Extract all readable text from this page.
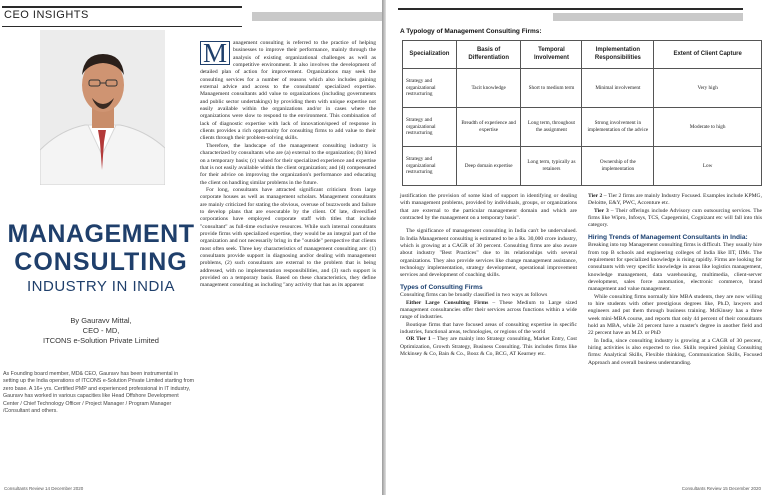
CEO INSIGHTS
MANAGEMENT
CONSULTING
INDUSTRY IN INDIA
By Gauravv Mittal,
CEO - MD,
ITCONS e-Solution Private Limited
As Founding board member, MD& CEO, Gauravv has been instrumental in setting up the India operations of ITCONS e-Solution Private Limited starting from zero base. A 16+ yrs. Certified PMP and experienced professional in IT industry, Gauravv has worked in various capacities like Head Offshore Development Center / Chief Technology Officer / Project Manager / Program Manager /Consultant and others.

M	anagement consulting is referred to the practice of helping businesses to improve their performance, mainly through the analysis of existing organizational challenges as well as competitive environment. It also involves the development of detailed plan of action for improvement. Organizations may seek the consulting services for a number of reasons which also includes gaining external advice and access to the consultants' specialized expertise. Management consultants add value to organizations (including governments and public sector undertakings) by providing them with unique expertise not easily available within the organizations and/or in cases where the organizations were slow to respond to the environment. This combination of lack of diagnostic expertise with lack of innovation/speed of response in clients provides a rich opportunity for consulting firms to add value to their clients through their problem-solving skills.

Therefore, the landscape of the management consulting industry is characterized by consultants who are (a) external to the organization; (b) hired on a temporary basis; (c) valued for their specialized experience and expertise that is not easily available within the client organization; and (d) compensated for their advice on improving the organization's performance and educating the client on handling similar problems in the future.

For long, consultants have attracted significant criticism from large corporate houses as well as management scholars. Management consultants are mainly criticized for stating the obvious, overuse of buzzwords and failure to develop plans that are executable by the client. Of late, diversified corporations have employed corporate staff with titles that include "consultant" as full-time exclusive resources. While such internal consultants provide firms with specialized expertise, they would be an integral part of the organization and not necessarily bring in the "outside" perspective that clients most often seek. Three key characteristics of management consulting are: (1) consultants provide support in diagnosing and/or dealing with management problems, (2) such consultants are external to the problem that is being addressed, with no implementation responsibilities, and (3) such support is provided on a temporary basis. Based on these characteristics, they define management consulting as including "any activity that has as its apparent

Consultants Review 14 December 2020
A Typology of Management Consulting Firms:
Specialization	Basis of Differentiation	Temporal Involvement	Implementation Responsibilities	Extent of Client Capture
Strategy and organizational restructuring	Tacit knowledge	Short to medium term	Minimal involvement	Very high
Strategy and organizational restructuring	Breadth of experience and expertise	Long term, throughout the assignment	Strong involvement in implementation of the advice	Moderate to high
Strategy and organizational restructuring	Deep domain expertise	Long term, typically as retainers	Ownership of the implementation	Low

justification the provision of some kind of support in identifying or dealing with management problems, provided by individuals, groups, or organizations that are external to the particular management domain and which are contracted by the management on a temporary basis".

The significance of management consulting in India can't be undervalued. In India Management consulting is estimated to be a Rs. 30,000 crore industry, which is growing at a CAGR of 30 percent. Consulting firms are also aware about industry "Best Practices" due to its relationships with several organizations. They also provide services like change management assistance, technology implementation, strategy development, operational improvement services and development of coaching skills.

Types of Consulting Firms

Consulting firms can be broadly classified in two ways as follows

Either Large Consulting Firms – These Medium to Large sized management consultancies offer their services across functions within a wide range of industries.

Boutique firms that have focused areas of consulting expertise in specific industries, functional areas, technologies, or regions of the world

OR Tier 1 – They are mainly into Strategy consulting, Market Entry, Cost Optimization, Growth Strategy, Business Consulting. This includes firms like Mckinsey & Co, Bain & Co., Booz & Co, BCG, AT Kearney etc.

Tier 2 – Tier 2 firms are mainly Industry Focused. Examples include KPMG, Deloitte, E&Y, PWC, Accenture etc.

Tier 3 – Their offerings include Advisory cum outsourcing services. The firms like Wipro, Infosys, TCS, Capegemini, Cognizant etc will fall into this category.

Hiring Trends of Management Consultants in India:

Breaking into top Management consulting firms is difficult. They usually hire from top B schools and engineering colleges of India like IIT, IIMs. The requirement for specialized knowledge is rising rapidly. Firms are looking for consultants with very specific knowledge in areas like logistics management, knowledge management, data warehousing, multimedia, client-server development, sales force automation, electronic commerce, brand management and value management.

While consulting firms normally hire MBA students, they are now willing to hire students with other prestigious degrees like, Ph.D, lawyers and engineers and put them through business training. McKinsey has a three week mini-MBA course, and reports that only 44 percent of their consultants hold an MBA, while 24 percent have a master's degree in another field and 22 percent have an M.D. or PhD

In India, since consulting industry is growing at a CAGR of 30 percent, hiring activities is also expected to rise. Skills required joining Consulting firms: Analytical Skills, Flexible thinking, Communication Skills, Focused Approach and overall business understanding.

Consultants Review 15 December 2020
